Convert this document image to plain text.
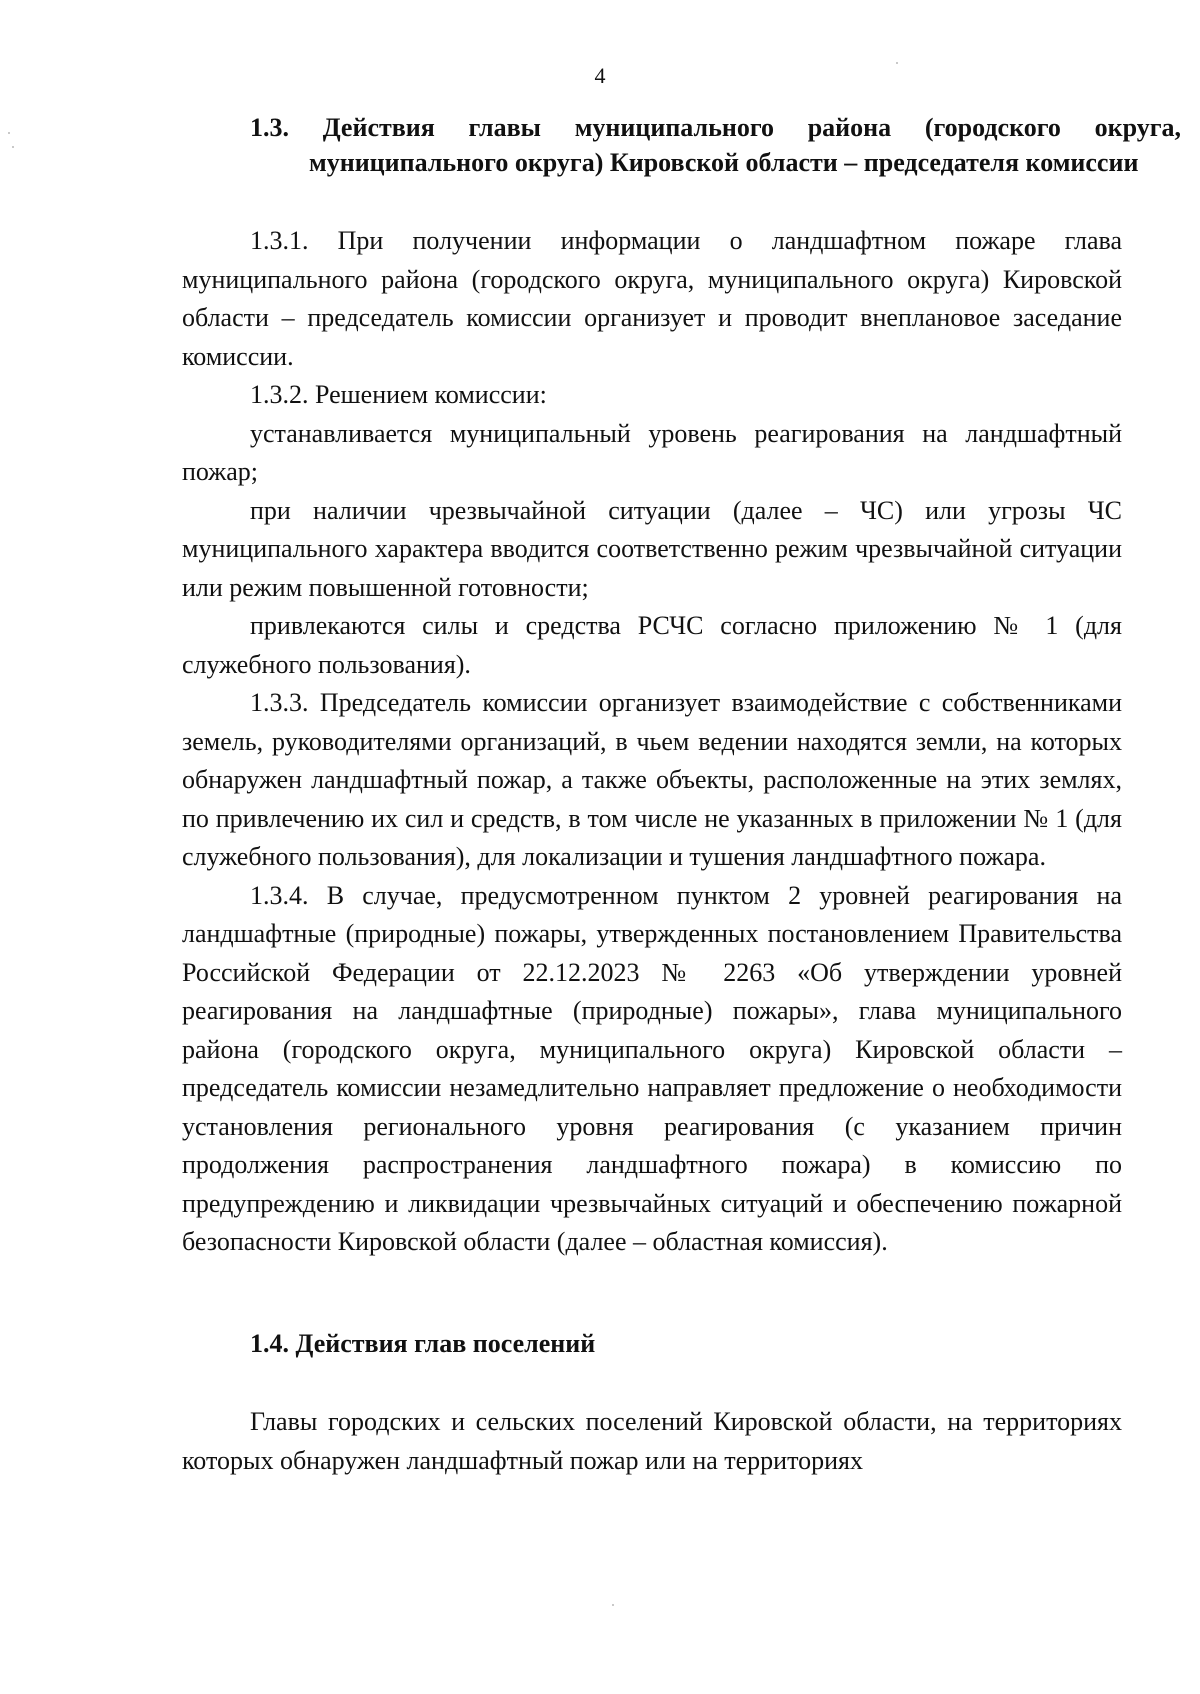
4
1.3. Действия главы муниципального района (городского округа, муниципального округа) Кировской области – председателя комиссии

1.3.1. При получении информации о ландшафтном пожаре глава муниципального района (городского округа, муниципального округа) Кировской области – председатель комиссии организует и проводит внеплановое заседание комиссии.

1.3.2. Решением комиссии:

устанавливается муниципальный уровень реагирования на ландшафтный пожар;

при наличии чрезвычайной ситуации (далее – ЧС) или угрозы ЧС муниципального характера вводится соответственно режим чрезвычайной ситуации или режим повышенной готовности;

привлекаются силы и средства РСЧС согласно приложению № 1 (для служебного пользования).

1.3.3. Председатель комиссии организует взаимодействие с собственниками земель, руководителями организаций, в чьем ведении находятся земли, на которых обнаружен ландшафтный пожар, а также объекты, расположенные на этих землях, по привлечению их сил и средств, в том числе не указанных в приложении № 1 (для служебного пользования), для локализации и тушения ландшафтного пожара.

1.3.4. В случае, предусмотренном пунктом 2 уровней реагирования на ландшафтные (природные) пожары, утвержденных постановлением Правительства Российской Федерации от 22.12.2023 № 2263 «Об утверждении уровней реагирования на ландшафтные (природные) пожары», глава муниципального района (городского округа, муниципального округа) Кировской области – председатель комиссии незамедлительно направляет предложение о необходимости установления регионального уровня реагирования (с указанием причин продолжения распространения ландшафтного пожара) в комиссию по предупреждению и ликвидации чрезвычайных ситуаций и обеспечению пожарной безопасности Кировской области (далее – областная комиссия).

1.4. Действия глав поселений

Главы городских и сельских поселений Кировской области, на территориях которых обнаружен ландшафтный пожар или на территориях
